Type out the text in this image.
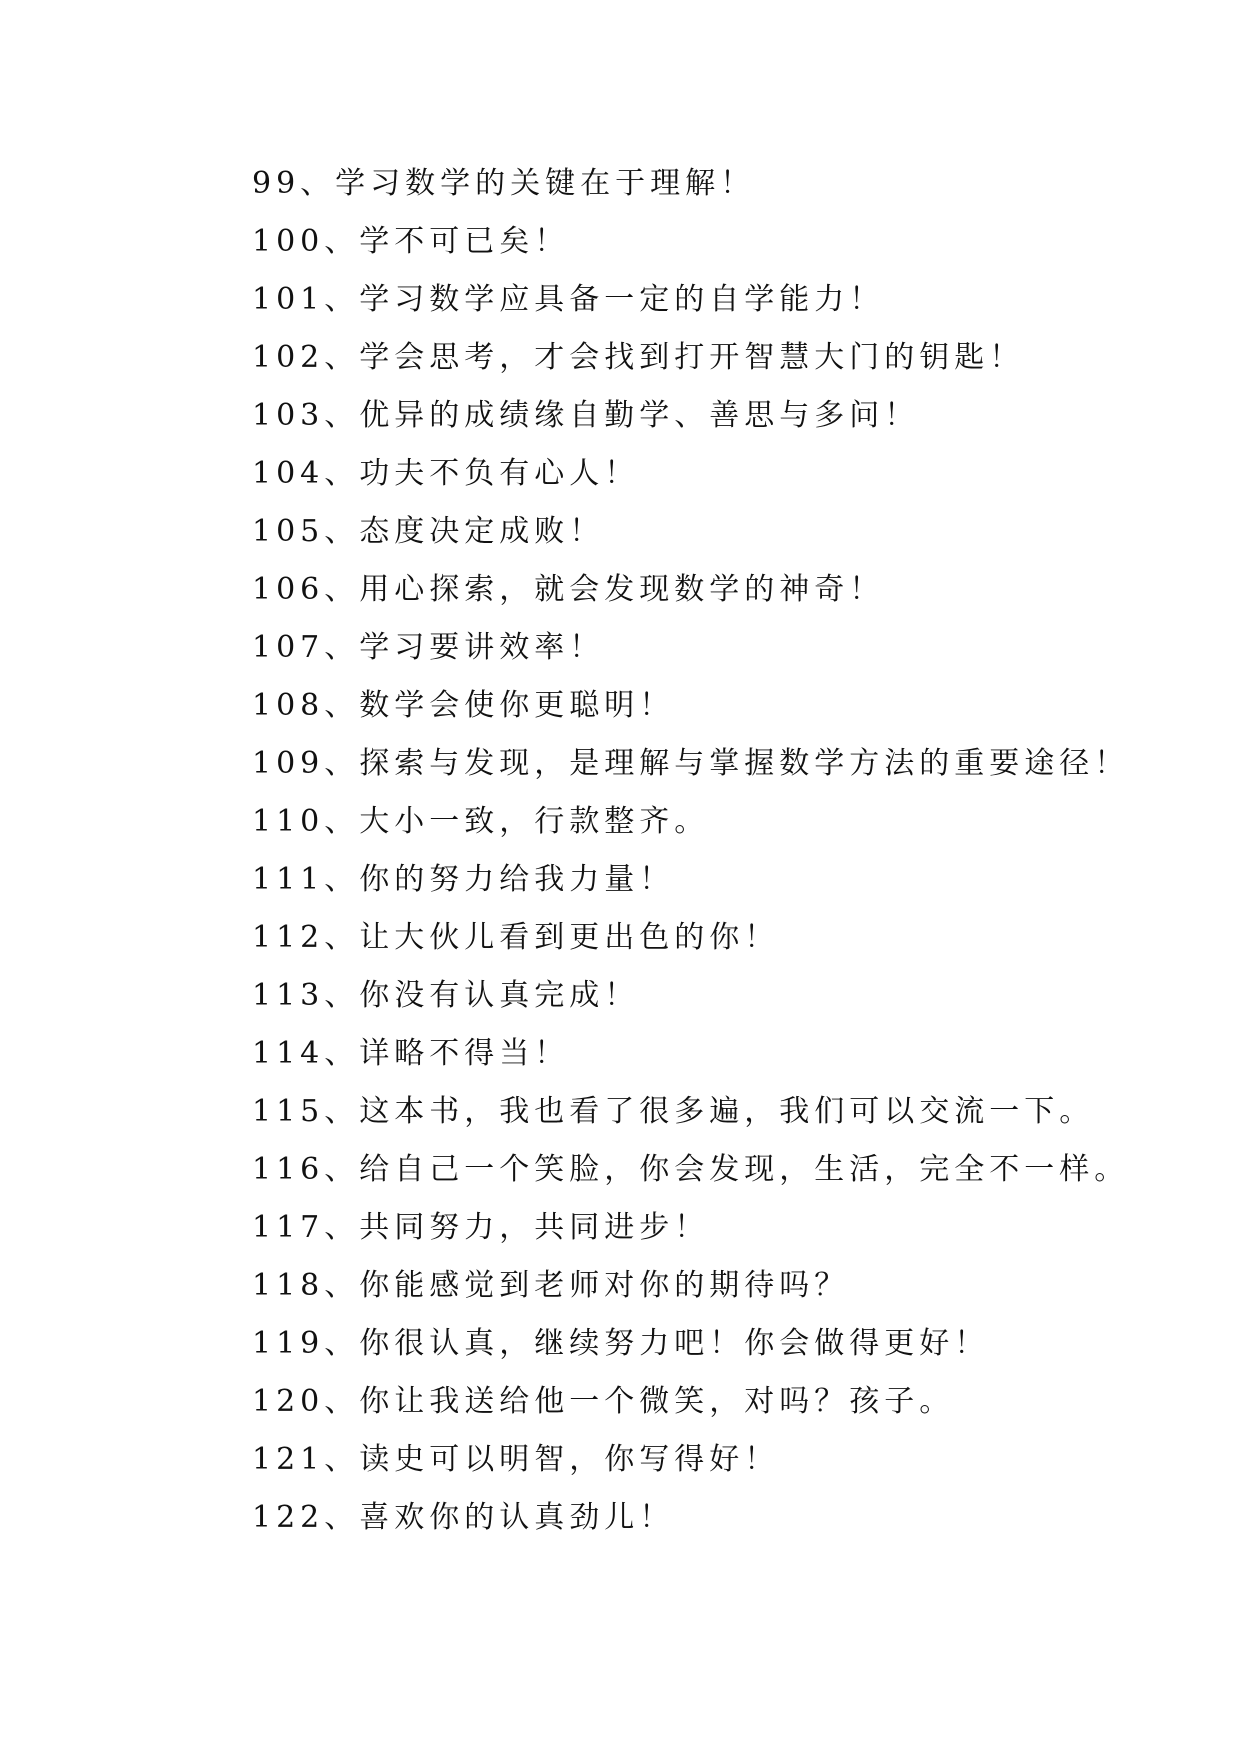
99、学习数学的关键在于理解！
100、学不可已矣！
101、学习数学应具备一定的自学能力！
102、学会思考，才会找到打开智慧大门的钥匙！
103、优异的成绩缘自勤学、善思与多问！
104、功夫不负有心人！
105、态度决定成败！
106、用心探索，就会发现数学的神奇！
107、学习要讲效率！
108、数学会使你更聪明！
109、探索与发现，是理解与掌握数学方法的重要途径！
110、大小一致，行款整齐。
111、你的努力给我力量！
112、让大伙儿看到更出色的你！
113、你没有认真完成！
114、详略不得当！
115、这本书，我也看了很多遍，我们可以交流一下。
116、给自己一个笑脸，你会发现，生活，完全不一样。
117、共同努力，共同进步！
118、你能感觉到老师对你的期待吗？
119、你很认真，继续努力吧！你会做得更好！
120、你让我送给他一个微笑，对吗？孩子。
121、读史可以明智，你写得好！
122、喜欢你的认真劲儿！
